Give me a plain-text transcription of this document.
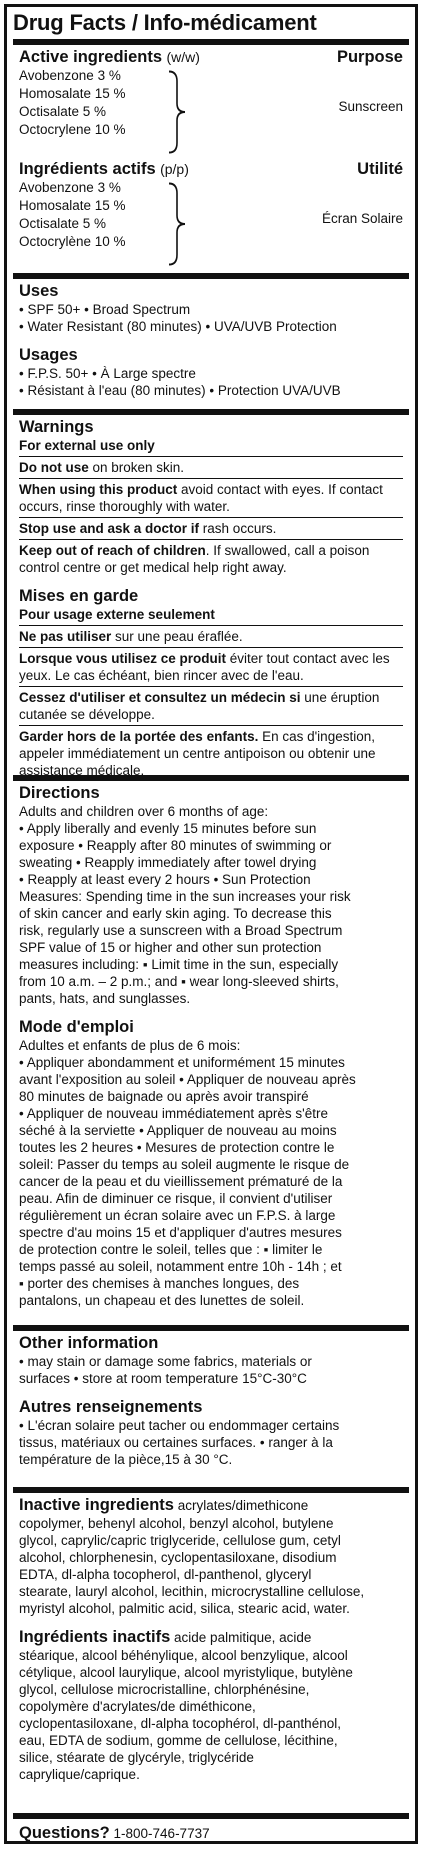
Drug Facts / Info-médicament
Active ingredients (w/w)	Purpose
Avobenzone 3 %
Homosalate 15 %
Octisalate 5 %
Octocrylene 10 %
Sunscreen
Ingrédients actifs (p/p)	Utilité
Avobenzone 3 %
Homosalate 15 %
Octisalate 5 %
Octocrylène 10 %
Écran Solaire
Uses
• SPF 50+ • Broad Spectrum
• Water Resistant (80 minutes) • UVA/UVB Protection
Usages
• F.P.S. 50+ • À Large spectre
• Résistant à l'eau (80 minutes) • Protection UVA/UVB
Warnings
For external use only
Do not use on broken skin.
When using this product avoid contact with eyes. If contact occurs, rinse thoroughly with water.
Stop use and ask a doctor if rash occurs.
Keep out of reach of children. If swallowed, call a poison control centre or get medical help right away.
Mises en garde
Pour usage externe seulement
Ne pas utiliser sur une peau éraflée.
Lorsque vous utilisez ce produit éviter tout contact avec les yeux. Le cas échéant, bien rincer avec de l'eau.
Cessez d'utiliser et consultez un médecin si une éruption cutanée se développe.
Garder hors de la portée des enfants. En cas d'ingestion, appeler immédiatement un centre antipoison ou obtenir une assistance médicale.
Directions
Adults and children over 6 months of age:
• Apply liberally and evenly 15 minutes before sun
exposure • Reapply after 80 minutes of swimming or
sweating • Reapply immediately after towel drying
• Reapply at least every 2 hours • Sun Protection
Measures: Spending time in the sun increases your risk
of skin cancer and early skin aging. To decrease this
risk, regularly use a sunscreen with a Broad Spectrum
SPF value of 15 or higher and other sun protection
measures including: ▪ Limit time in the sun, especially
from 10 a.m. – 2 p.m.; and ▪ wear long-sleeved shirts,
pants, hats, and sunglasses.
Mode d'emploi
Adultes et enfants de plus de 6 mois:
• Appliquer abondamment et uniformément 15 minutes
avant l'exposition au soleil • Appliquer de nouveau après
80 minutes de baignade ou après avoir transpiré
• Appliquer de nouveau immédiatement après s'être
séché à la serviette • Appliquer de nouveau au moins
toutes les 2 heures • Mesures de protection contre le
soleil: Passer du temps au soleil augmente le risque de
cancer de la peau et du vieillissement prématuré de la
peau. Afin de diminuer ce risque, il convient d'utiliser
régulièrement un écran solaire avec un F.P.S. à large
spectre d'au moins 15 et d'appliquer d'autres mesures
de protection contre le soleil, telles que : ▪ limiter le
temps passé au soleil, notamment entre 10h - 14h ; et
▪ porter des chemises à manches longues, des
pantalons, un chapeau et des lunettes de soleil.
Other information
• may stain or damage some fabrics, materials or
surfaces • store at room temperature 15°C-30°C
Autres renseignements
• L'écran solaire peut tacher ou endommager certains
tissus, matériaux ou certaines surfaces. • ranger à la
température de la pièce,15 à 30 °C.
Inactive ingredients acrylates/dimethicone
copolymer, behenyl alcohol, benzyl alcohol, butylene
glycol, caprylic/capric triglyceride, cellulose gum, cetyl
alcohol, chlorphenesin, cyclopentasiloxane, disodium
EDTA, dl-alpha tocopherol, dl-panthenol, glyceryl
stearate, lauryl alcohol, lecithin, microcrystalline cellulose,
myristyl alcohol, palmitic acid, silica, stearic acid, water.
Ingrédients inactifs acide palmitique, acide
stéarique, alcool béhénylique, alcool benzylique, alcool
cétylique, alcool laurylique, alcool myristylique, butylène
glycol, cellulose microcristalline, chlorphénésine,
copolymère d'acrylates/de diméthicone,
cyclopentasiloxane, dl-alpha tocophérol, dl-panthénol,
eau, EDTA de sodium, gomme de cellulose, lécithine,
silice, stéarate de glycéryle, triglycéride
caprylique/caprique.
Questions? 1-800-746-7737
